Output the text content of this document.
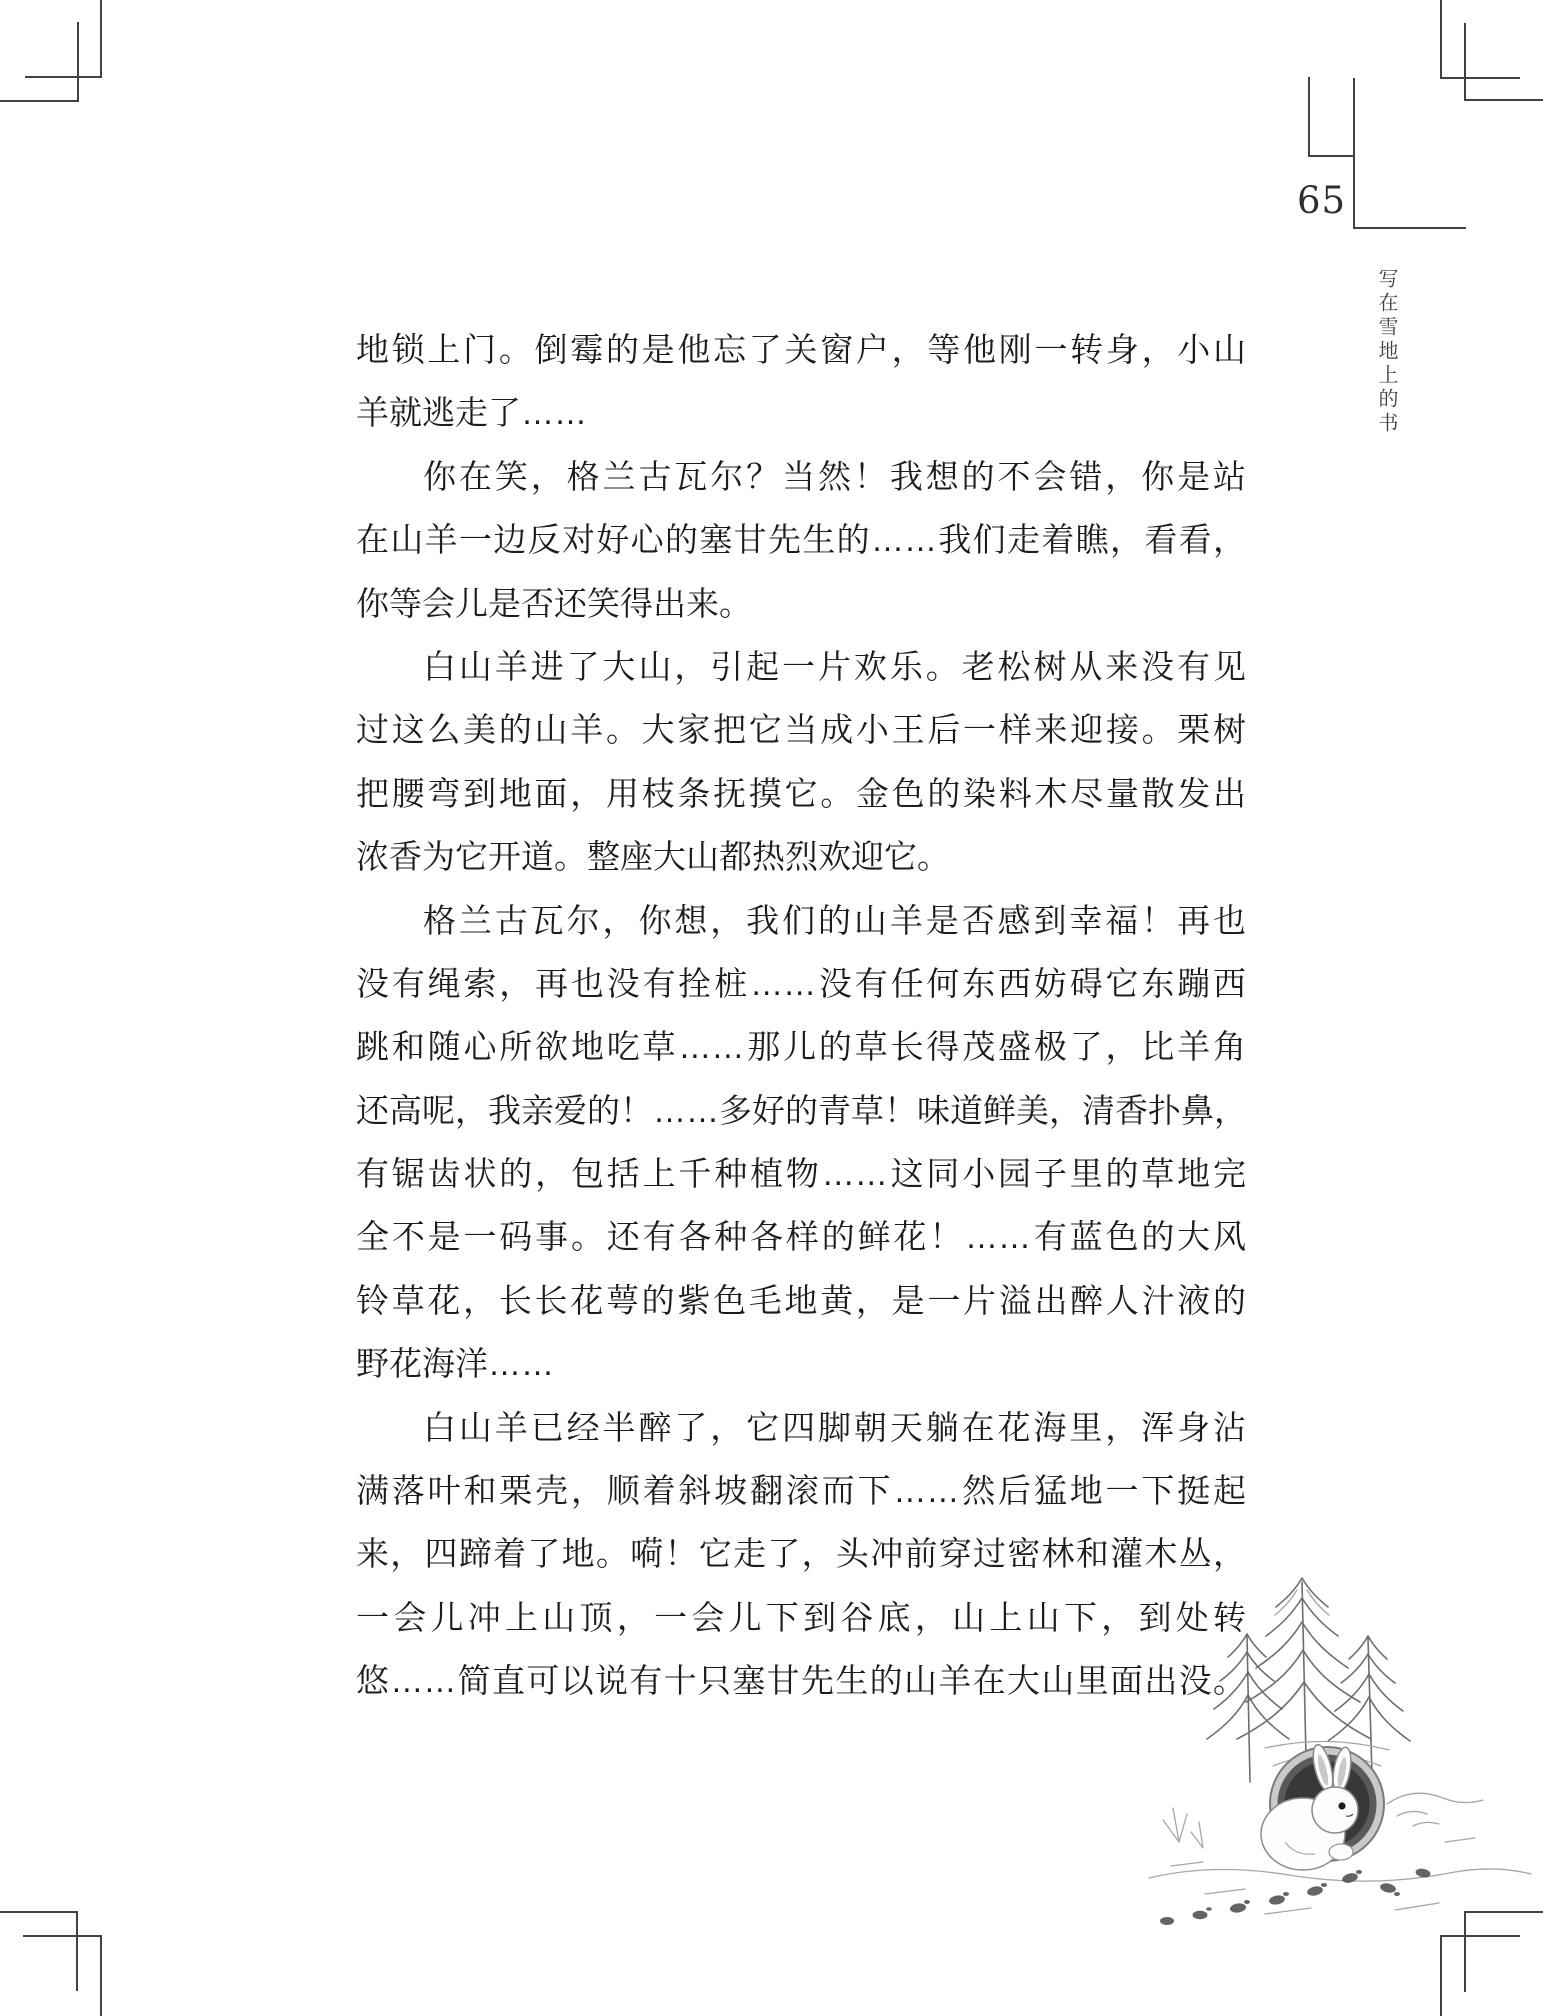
65
写在雪地上的书
地锁上门。倒霉的是他忘了关窗户，等他刚一转身，小山
羊就逃走了……
你在笑，格兰古瓦尔？当然！我想的不会错，你是站
在山羊一边反对好心的塞甘先生的……我们走着瞧，看看，
你等会儿是否还笑得出来。
白山羊进了大山，引起一片欢乐。老松树从来没有见
过这么美的山羊。大家把它当成小王后一样来迎接。栗树
把腰弯到地面，用枝条抚摸它。金色的染料木尽量散发出
浓香为它开道。整座大山都热烈欢迎它。
格兰古瓦尔，你想，我们的山羊是否感到幸福！再也
没有绳索，再也没有拴桩……没有任何东西妨碍它东蹦西
跳和随心所欲地吃草……那儿的草长得茂盛极了，比羊角
还高呢，我亲爱的！……多好的青草！味道鲜美，清香扑鼻，
有锯齿状的，包括上千种植物……这同小园子里的草地完
全不是一码事。还有各种各样的鲜花！……有蓝色的大风
铃草花，长长花萼的紫色毛地黄，是一片溢出醉人汁液的
野花海洋……
白山羊已经半醉了，它四脚朝天躺在花海里，浑身沾
满落叶和栗壳，顺着斜坡翻滚而下……然后猛地一下挺起
来，四蹄着了地。嗬！它走了，头冲前穿过密林和灌木丛，
一会儿冲上山顶，一会儿下到谷底，山上山下，到处转
悠……简直可以说有十只塞甘先生的山羊在大山里面出没。
